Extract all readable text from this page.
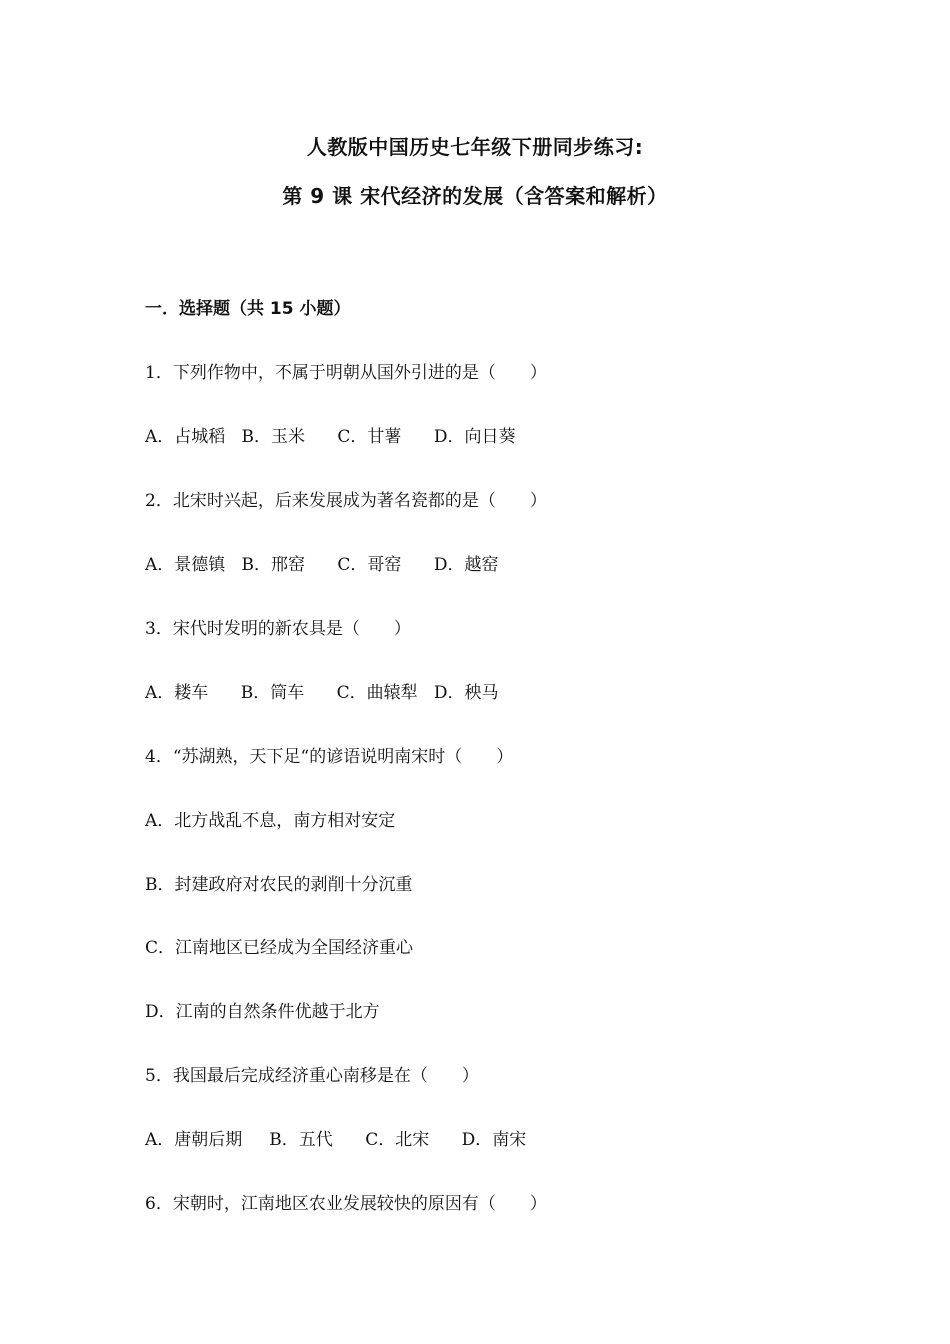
人教版中国历史七年级下册同步练习:
第 9 课 宋代经济的发展（含答案和解析）
一．选择题（共 15 小题）
1．下列作物中，不属于明朝从国外引进的是（　　）
A．占城稻   B．玉米      C．甘薯      D．向日葵
2．北宋时兴起，后来发展成为著名瓷都的是（　　）
A．景德镇   B．邢窑      C．哥窑      D．越窑
3．宋代时发明的新农具是（　　）
A．耧车      B．筒车      C．曲辕犁   D．秧马
4．“苏湖熟，天下足“的谚语说明南宋时（　　）
A．北方战乱不息，南方相对安定
B．封建政府对农民的剥削十分沉重
C．江南地区已经成为全国经济重心
D．江南的自然条件优越于北方
5．我国最后完成经济重心南移是在（　　）
A．唐朝后期     B．五代      C．北宋      D．南宋
6．宋朝时，江南地区农业发展较快的原因有（　　）
